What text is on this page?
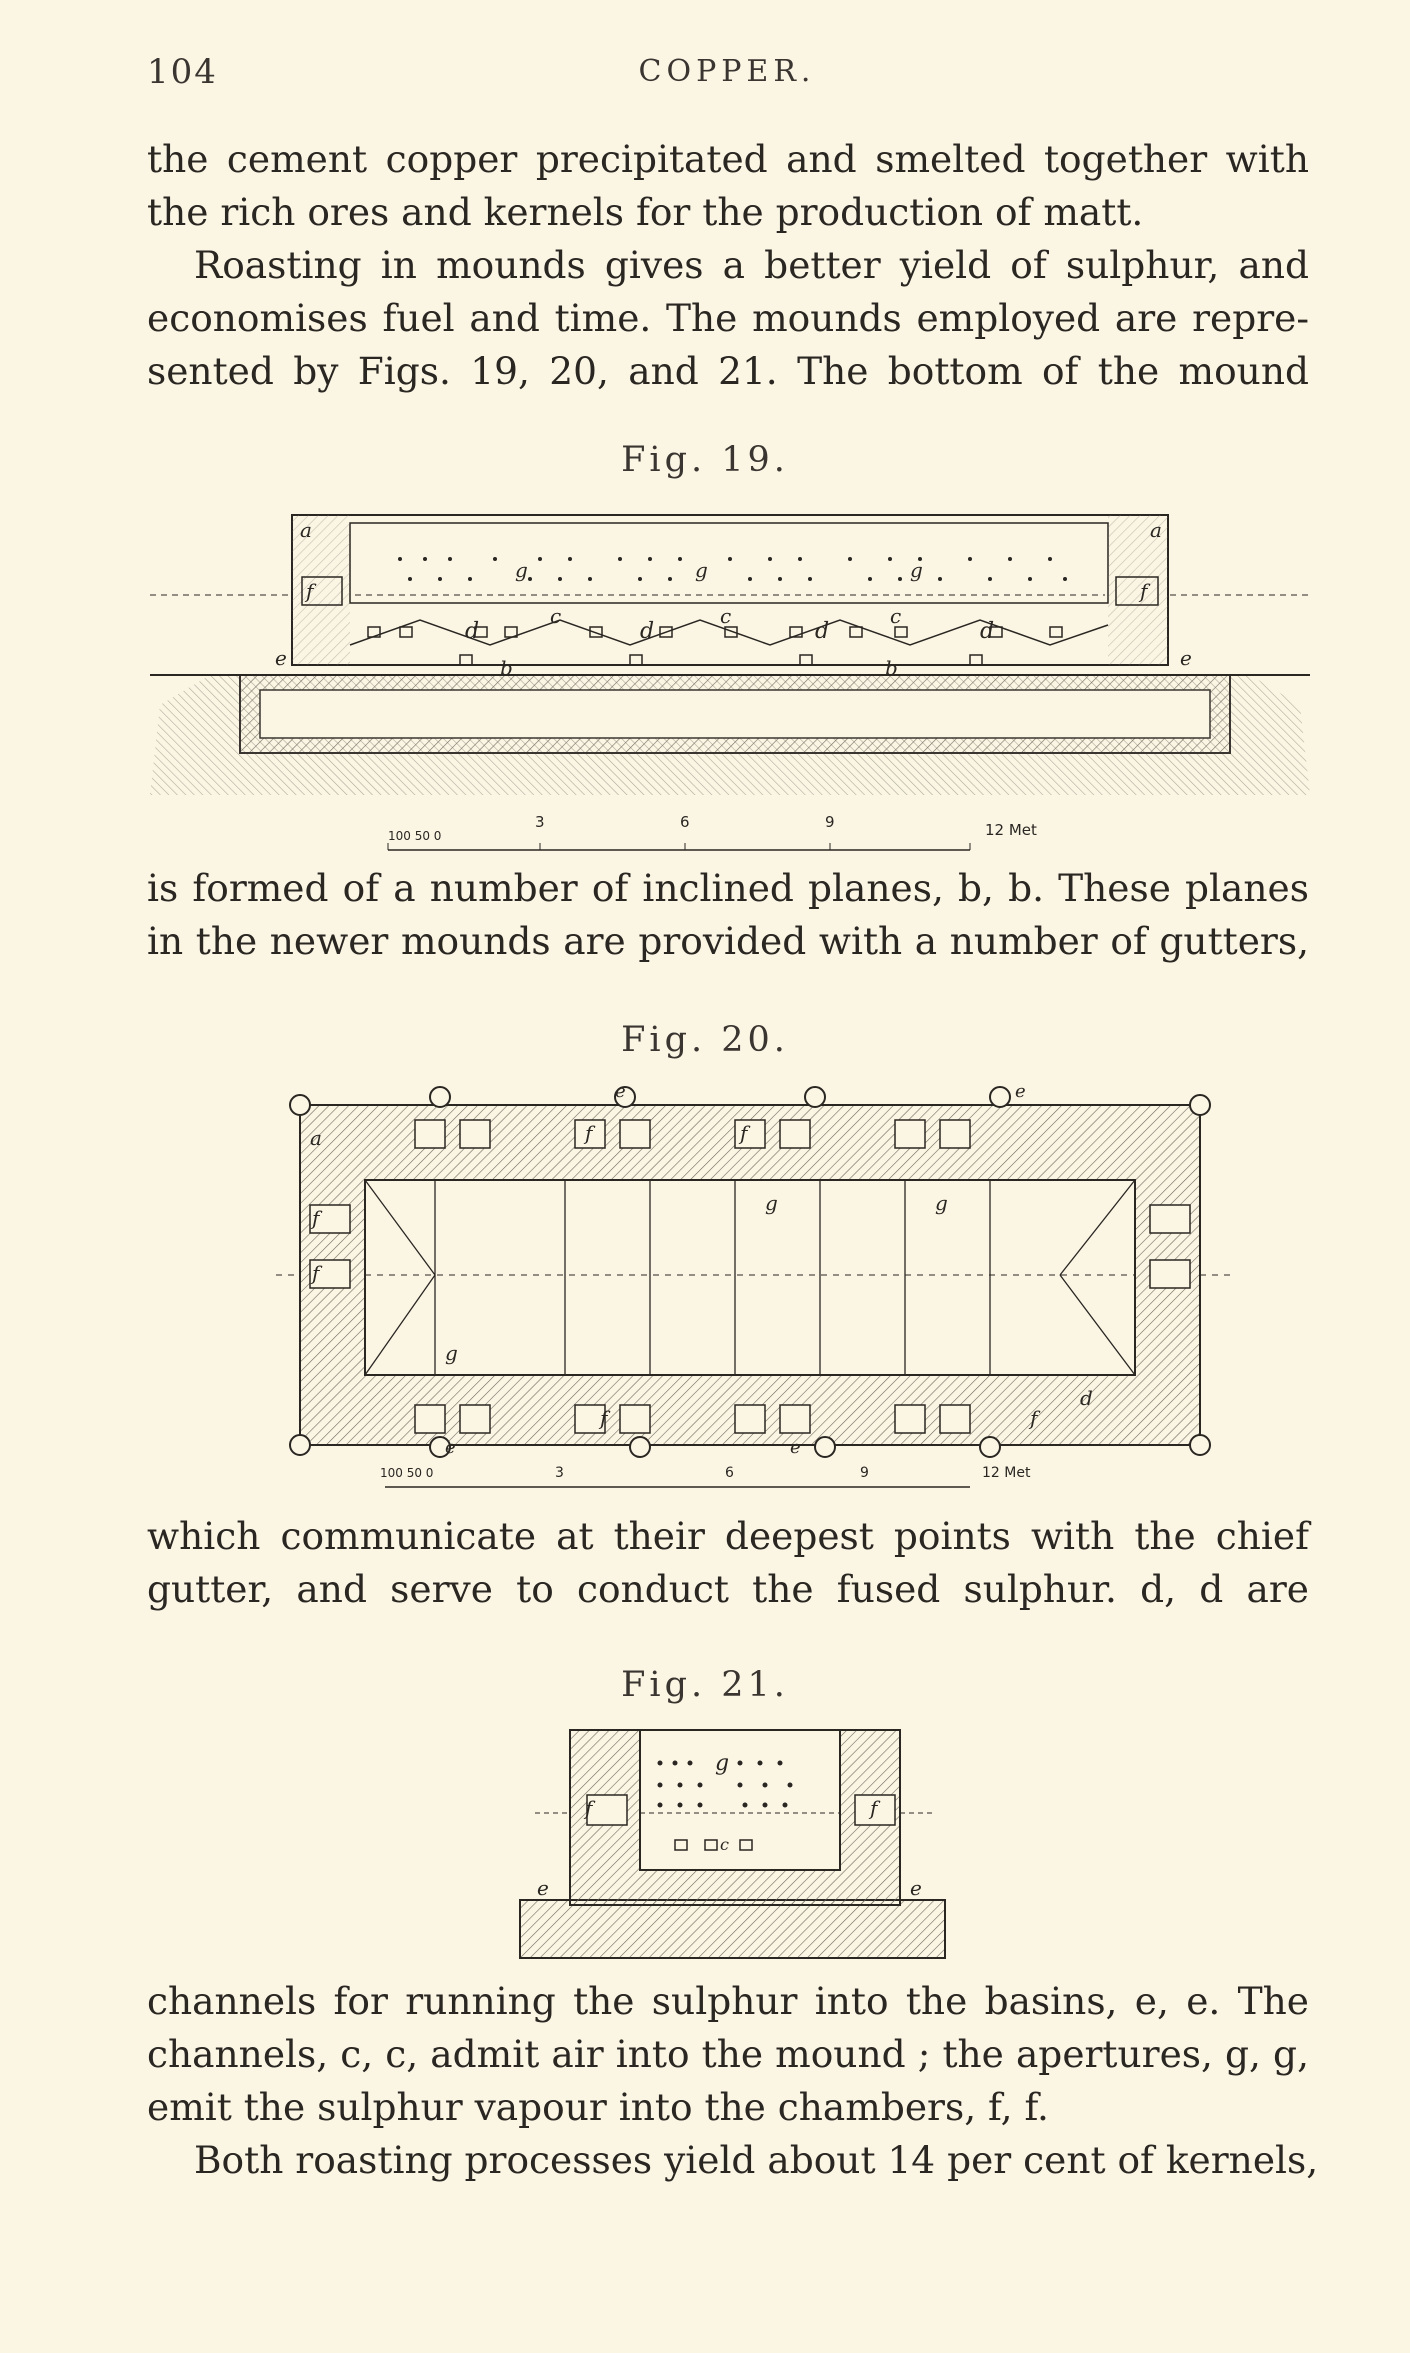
104	COPPER.
the cement copper precipitated and smelted together with
the rich ores and kernels for the production of matt.
Roasting in mounds gives a better yield of sulphur, and
economises fuel and time. The mounds employed are repre-
sented by Figs. 19, 20, and 21. The bottom of the mound
Fig. 19.
a	a
f	f
e	e
g	g	g
d	d	d	d
c	c	c
b	b
100 50 0
3	6	9	12 Met
is formed of a number of inclined planes, b, b. These planes
in the newer mounds are provided with a number of gutters,
Fig. 20.
a
d
f
f
f	f
f	f
g	g
g
e	e
e	e
100 50 0	3	6	9	12 Met
which communicate at their deepest points with the chief
gutter, and serve to conduct the fused sulphur. d, d are
Fig. 21.
g
c
f	f
e	e
channels for running the sulphur into the basins, e, e. The
channels, c, c, admit air into the mound ; the apertures, g, g,
emit the sulphur vapour into the chambers, f, f.
Both roasting processes yield about 14 per cent of kernels,
